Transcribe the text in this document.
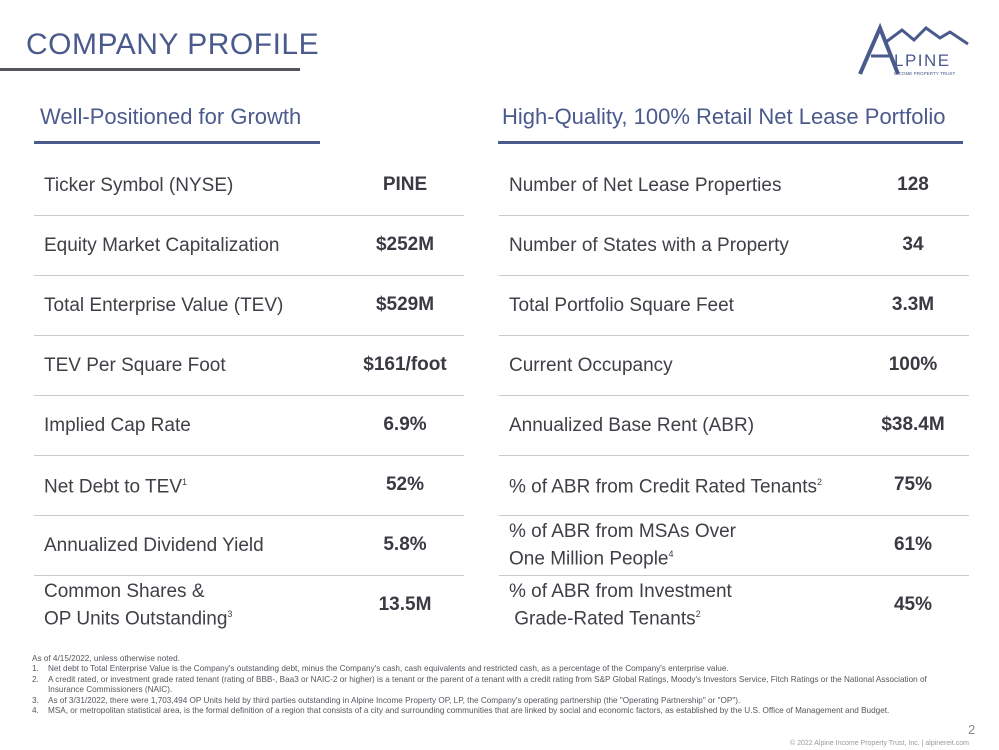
COMPANY PROFILE	LPINE
INCOME PROPERTY TRUST
Well-Positioned for Growth
Ticker Symbol (NYSE)	PINE
Equity Market Capitalization	$252M
Total Enterprise Value (TEV)	$529M
TEV Per Square Foot	$161/foot
Implied Cap Rate	6.9%
Net Debt to TEV$^1$	52%
Annualized Dividend Yield	5.8%
Common Shares &
OP Units Outstanding$^3$	13.5M
High-Quality, 100% Retail Net Lease Portfolio
Number of Net Lease Properties	128
Number of States with a Property	34
Total Portfolio Square Feet	3.3M
Current Occupancy	100%
Annualized Base Rent (ABR)	$38.4M
% of ABR from Credit Rated Tenants$^2$	75%
% of ABR from MSAs Over
One Million People$^4$	61%
% of ABR from Investment
Grade-Rated Tenants$^2$	45%
As of 4/15/2022, unless otherwise noted.
1.	Net debt to Total Enterprise Value is the Company's outstanding debt, minus the Company's cash, cash equivalents and restricted cash, as a percentage of the Company's enterprise value.
2.	A credit rated, or investment grade rated tenant (rating of BBB-, Baa3 or NAIC-2 or higher) is a tenant or the parent of a tenant with a credit rating from S&P Global Ratings, Moody's Investors Service, Fitch Ratings or the National Association of Insurance Commissioners (NAIC).
3.	As of 3/31/2022, there were 1,703,494 OP Units held by third parties outstanding in Alpine Income Property OP, LP, the Company's operating partnership (the "Operating Partnership" or "OP").
4.	MSA, or metropolitan statistical area, is the formal definition of a region that consists of a city and surrounding communities that are linked by social and economic factors, as established by the U.S. Office of Management and Budget.
2
© 2022 Alpine Income Property Trust, Inc. | alpinereit.com
